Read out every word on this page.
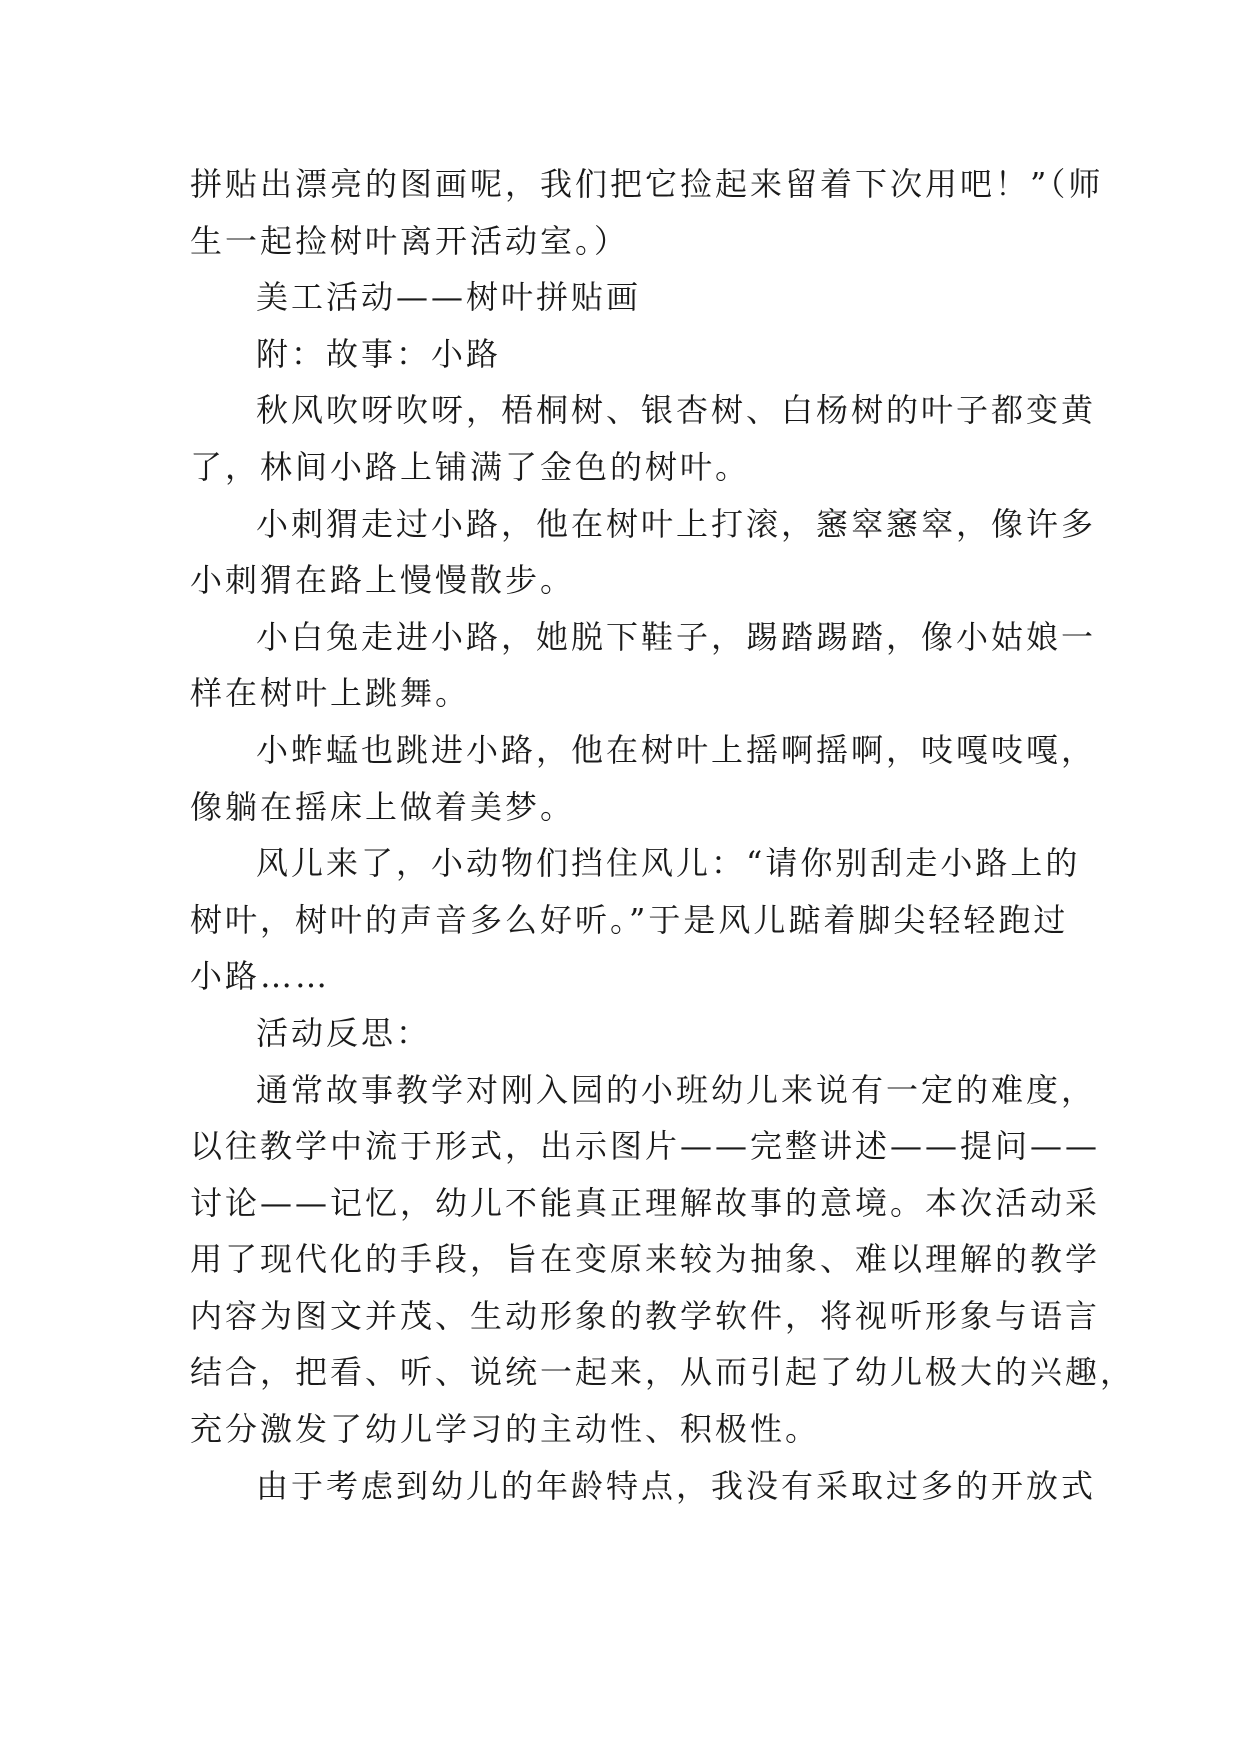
拼贴出漂亮的图画呢，我们把它捡起来留着下次用吧！”（师
生一起捡树叶离开活动室。）
美工活动——树叶拼贴画
附：故事：小路
秋风吹呀吹呀，梧桐树、银杏树、白杨树的叶子都变黄
了，林间小路上铺满了金色的树叶。
小刺猬走过小路，他在树叶上打滚，窸窣窸窣，像许多
小刺猬在路上慢慢散步。
小白兔走进小路，她脱下鞋子，踢踏踢踏，像小姑娘一
样在树叶上跳舞。
小蚱蜢也跳进小路，他在树叶上摇啊摇啊，吱嘎吱嘎，
像躺在摇床上做着美梦。
风儿来了，小动物们挡住风儿：“请你别刮走小路上的
树叶，树叶的声音多么好听。”于是风儿踮着脚尖轻轻跑过
小路……
活动反思：
通常故事教学对刚入园的小班幼儿来说有一定的难度，
以往教学中流于形式，出示图片——完整讲述——提问——
讨论——记忆，幼儿不能真正理解故事的意境。本次活动采
用了现代化的手段，旨在变原来较为抽象、难以理解的教学
内容为图文并茂、生动形象的教学软件，将视听形象与语言
结合，把看、听、说统一起来，从而引起了幼儿极大的兴趣，
充分激发了幼儿学习的主动性、积极性。
由于考虑到幼儿的年龄特点，我没有采取过多的开放式
